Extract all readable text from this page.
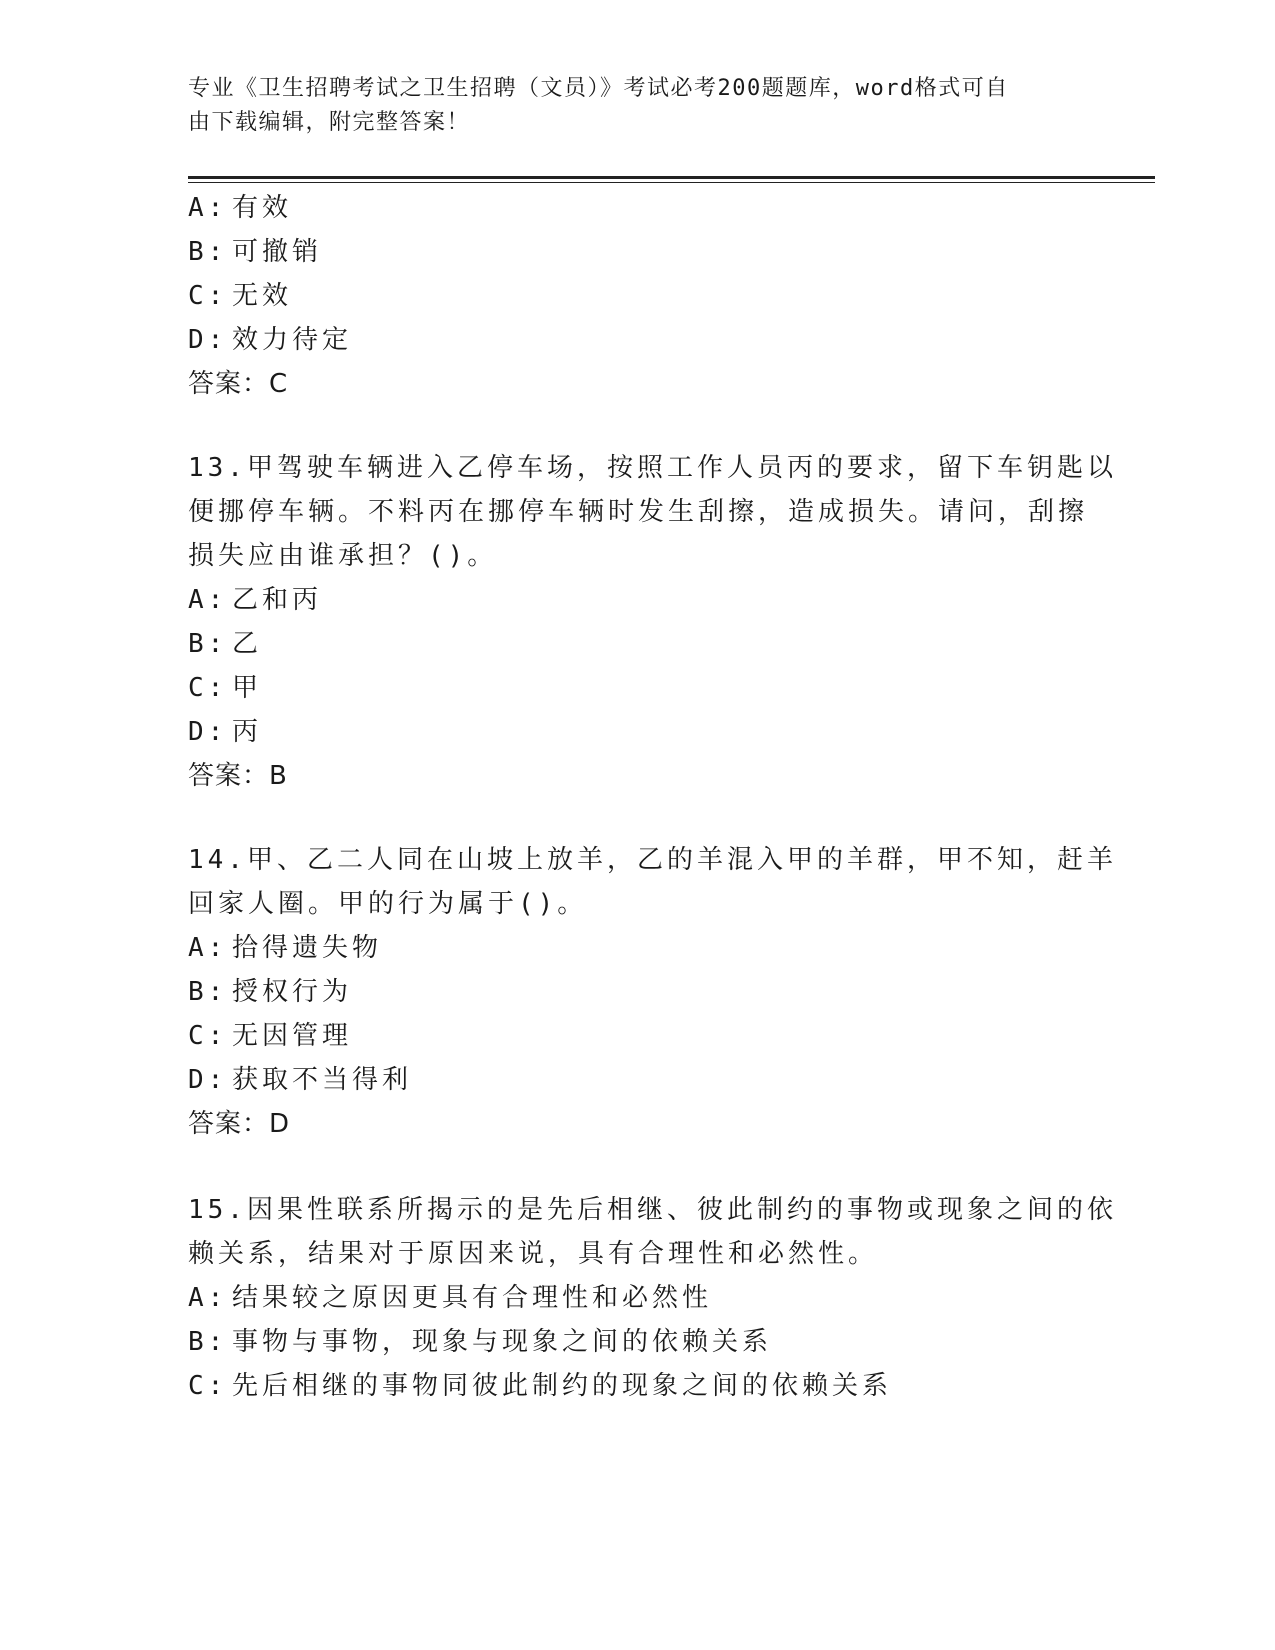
专业《卫生招聘考试之卫生招聘（文员）》考试必考200题题库，word格式可自
由下载编辑，附完整答案！
A: 有效
B: 可撤销
C: 无效
D: 效力待定
答案：C
13.甲驾驶车辆进入乙停车场，按照工作人员丙的要求，留下车钥匙以
便挪停车辆。不料丙在挪停车辆时发生刮擦，造成损失。请问，刮擦
损失应由谁承担？()。
A: 乙和丙
B: 乙
C: 甲
D: 丙
答案：B
14.甲、乙二人同在山坡上放羊，乙的羊混入甲的羊群，甲不知，赶羊
回家人圈。甲的行为属于()。
A: 拾得遗失物
B: 授权行为
C: 无因管理
D: 获取不当得利
答案：D
15.因果性联系所揭示的是先后相继、彼此制约的事物或现象之间的依
赖关系，结果对于原因来说，具有合理性和必然性。
A: 结果较之原因更具有合理性和必然性
B: 事物与事物，现象与现象之间的依赖关系
C: 先后相继的事物同彼此制约的现象之间的依赖关系
